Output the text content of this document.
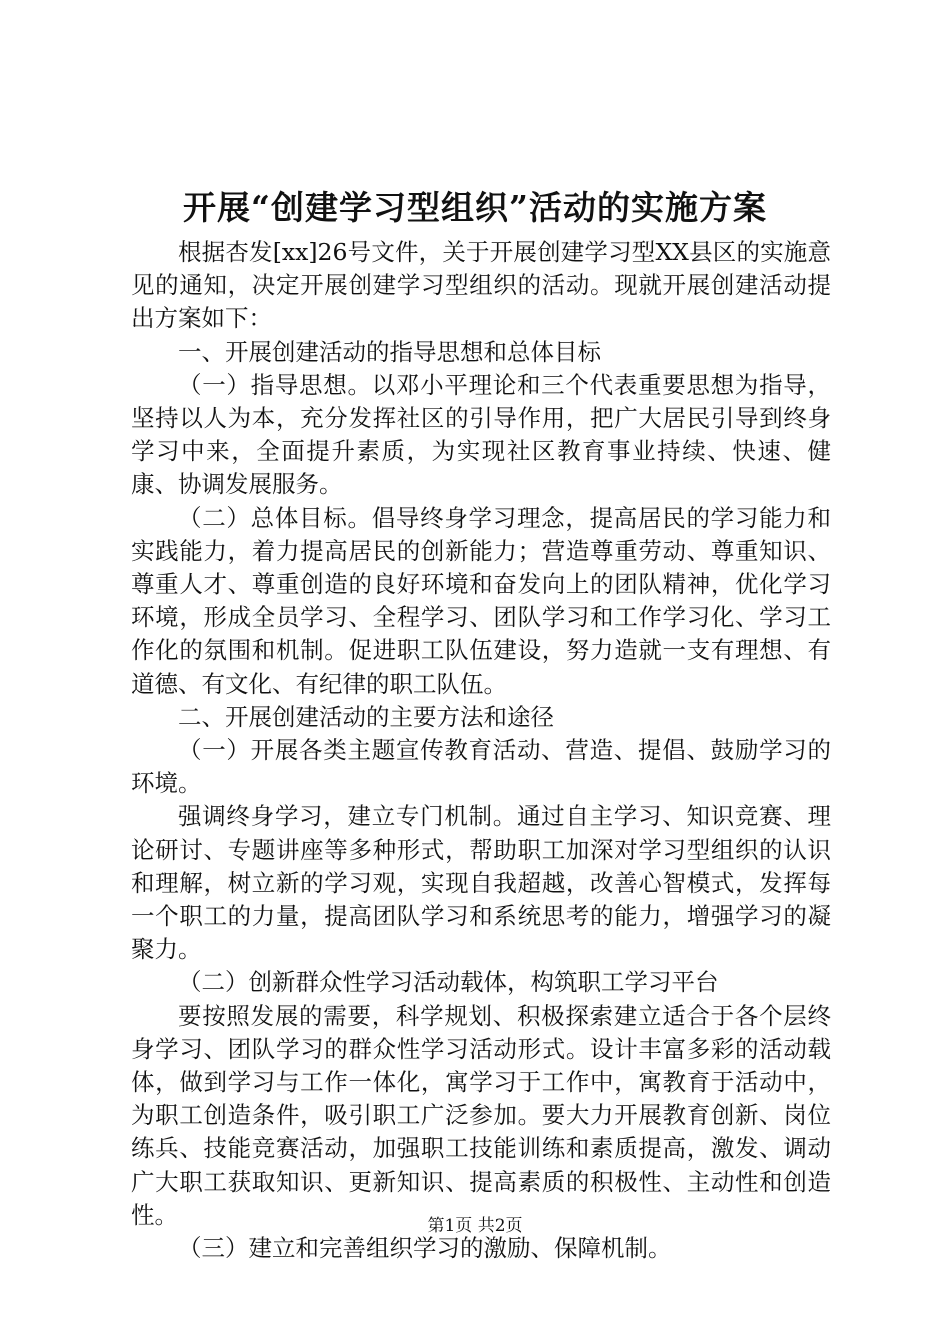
开展“创建学习型组织”活动的实施方案

根据杏发[xx]26号文件，关于开展创建学习型XX县区的实施意见的通知，决定开展创建学习型组织的活动。现就开展创建活动提出方案如下：

一、开展创建活动的指导思想和总体目标

（一）指导思想。以邓小平理论和三个代表重要思想为指导，坚持以人为本，充分发挥社区的引导作用，把广大居民引导到终身学习中来，全面提升素质，为实现社区教育事业持续、快速、健康、协调发展服务。

（二）总体目标。倡导终身学习理念，提高居民的学习能力和实践能力，着力提高居民的创新能力；营造尊重劳动、尊重知识、尊重人才、尊重创造的良好环境和奋发向上的团队精神，优化学习环境，形成全员学习、全程学习、团队学习和工作学习化、学习工作化的氛围和机制。促进职工队伍建设，努力造就一支有理想、有道德、有文化、有纪律的职工队伍。

二、开展创建活动的主要方法和途径

（一）开展各类主题宣传教育活动、营造、提倡、鼓励学习的环境。

强调终身学习，建立专门机制。通过自主学习、知识竞赛、理论研讨、专题讲座等多种形式，帮助职工加深对学习型组织的认识和理解，树立新的学习观，实现自我超越，改善心智模式，发挥每一个职工的力量，提高团队学习和系统思考的能力，增强学习的凝聚力。

（二）创新群众性学习活动载体，构筑职工学习平台

要按照发展的需要，科学规划、积极探索建立适合于各个层终身学习、团队学习的群众性学习活动形式。设计丰富多彩的活动载体，做到学习与工作一体化，寓学习于工作中，寓教育于活动中，为职工创造条件，吸引职工广泛参加。要大力开展教育创新、岗位练兵、技能竞赛活动，加强职工技能训练和素质提高，激发、调动广大职工获取知识、更新知识、提高素质的积极性、主动性和创造性。

（三）建立和完善组织学习的激励、保障机制。

第1页 共2页
